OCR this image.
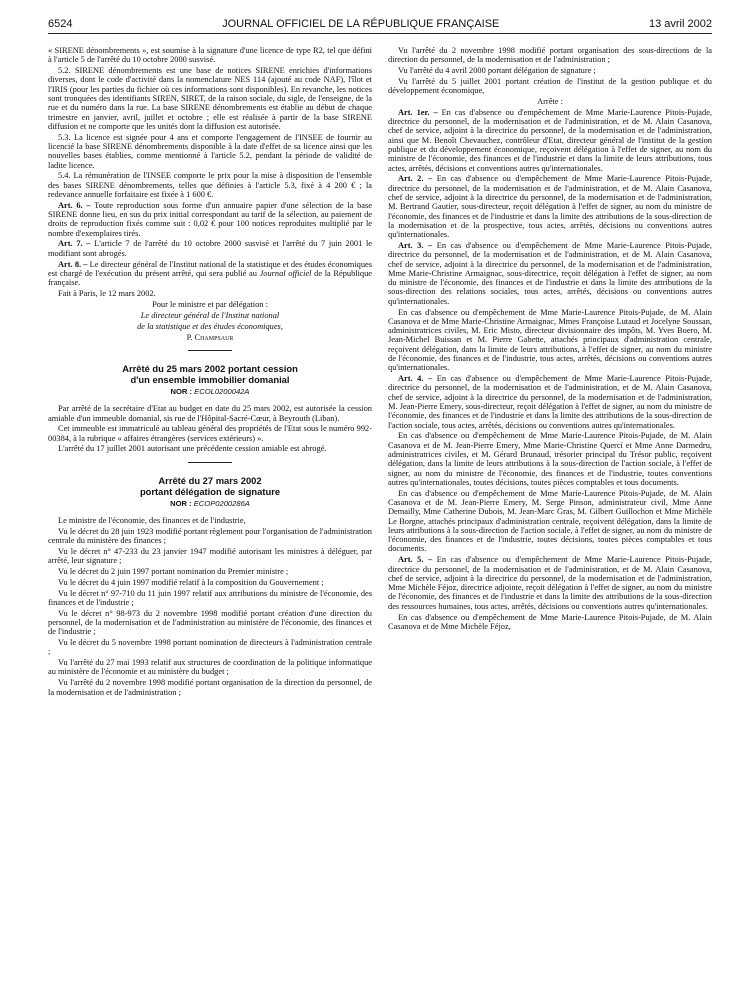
6524	JOURNAL OFFICIEL DE LA RÉPUBLIQUE FRANÇAISE	13 avril 2002

« SIRENE dénombrements », est soumise à la signature d'une licence de type R2, tel que défini à l'article 5 de l'arrêté du 10 octobre 2000 susvisé.

5.2. SIRENE dénombrements est une base de notices SIRENE enrichies d'informations diverses, dont le code d'activité dans la nomenclature NES 114 (ajouté au code NAF), l'îlot et l'IRIS (pour les parties du fichier où ces informations sont disponibles). En revanche, les notices sont tronquées des identifiants SIREN, SIRET, de la raison sociale, du sigle, de l'enseigne, de la rue et du numéro dans la rue. La base SIRENE dénombrements est établie au début de chaque trimestre en janvier, avril, juillet et octobre ; elle est réalisée à partir de la base SIRENE diffusion et ne comporte que les unités dont la diffusion est autorisée.

5.3. La licence est signée pour 4 ans et comporte l'engagement de l'INSEE de fournir au licencié la base SIRENE dénombrements disponible à la date d'effet de sa licence ainsi que les nouvelles bases établies, comme mentionné à l'article 5.2, pendant la période de validité de ladite licence.

5.4. La rémunération de l'INSEE comporte le prix pour la mise à disposition de l'ensemble des bases SIRENE dénombrements, telles que définies à l'article 5.3, fixé à 4 200 € ; la redevance annuelle forfaitaire est fixée à 1 600 €.

Art. 6. – Toute reproduction sous forme d'un annuaire papier d'une sélection de la base SIRENE donne lieu, en sus du prix initial correspondant au tarif de la sélection, au paiement de droits de reproduction fixés comme suit : 0,02 € pour 100 notices reproduites multiplié par le nombre d'exemplaires tirés.

Art. 7. – L'article 7 de l'arrêté du 10 octobre 2000 susvisé et l'arrêté du 7 juin 2001 le modifiant sont abrogés.

Art. 8. – Le directeur général de l'Institut national de la statistique et des études économiques est chargé de l'exécution du présent arrêté, qui sera publié au Journal officiel de la République française.

Fait à Paris, le 12 mars 2002.

Pour le ministre et par délégation :

Le directeur général de l'Institut national

de la statistique et des études économiques,

P. Champsaur

Arrêté du 25 mars 2002 portant cession
d'un ensemble immobilier domanial
NOR : ECOL0200042A

Par arrêté de la secrétaire d'Etat au budget en date du 25 mars 2002, est autorisée la cession amiable d'un immeuble domanial, sis rue de l'Hôpital-Sacré-Cœur, à Beyrouth (Liban).

Cet immeuble est immatriculé au tableau général des propriétés de l'Etat sous le numéro 992-00384, à la rubrique « affaires étrangères (services extérieurs) ».

L'arrêté du 17 juillet 2001 autorisant une précédente cession amiable est abrogé.

Arrêté du 27 mars 2002
portant délégation de signature
NOR : ECOP0200286A

Le ministre de l'économie, des finances et de l'industrie,

Vu le décret du 28 juin 1923 modifié portant règlement pour l'organisation de l'administration centrale du ministère des finances ;

Vu le décret n° 47-233 du 23 janvier 1947 modifié autorisant les ministres à déléguer, par arrêté, leur signature ;

Vu le décret du 2 juin 1997 portant nomination du Premier ministre ;

Vu le décret du 4 juin 1997 modifié relatif à la composition du Gouvernement ;

Vu le décret n° 97-710 du 11 juin 1997 relatif aux attributions du ministre de l'économie, des finances et de l'industrie ;

Vu le décret n° 98-973 du 2 novembre 1998 modifié portant création d'une direction du personnel, de la modernisation et de l'administration au ministère de l'économie, des finances et de l'industrie ;

Vu le décret du 5 novembre 1998 portant nomination de directeurs à l'administration centrale ;

Vu l'arrêté du 27 mai 1993 relatif aux structures de coordination de la politique informatique au ministère de l'économie et au ministère du budget ;

Vu l'arrêté du 2 novembre 1998 modifié portant organisation de la direction du personnel, de la modernisation et de l'administration ;

Vu l'arrêté du 2 novembre 1998 modifié portant organisation des sous-directions de la direction du personnel, de la modernisation et de l'administration ;

Vu l'arrêté du 4 avril 2000 portant délégation de signature ;

Vu l'arrêté du 5 juillet 2001 portant création de l'institut de la gestion publique et du développement économique,

Arrête :

Art. 1er. – En cas d'absence ou d'empêchement de Mme Marie-Laurence Pitois-Pujade, directrice du personnel, de la modernisation et de l'administration, et de M. Alain Casanova, chef de service, adjoint à la directrice du personnel, de la modernisation et de l'administration, ainsi que M. Benoît Chevauchez, contrôleur d'Etat, directeur général de l'institut de la gestion publique et du développement économique, reçoivent délégation à l'effet de signer, au nom du ministre de l'économie, des finances et de l'industrie et dans la limite de leurs attributions, tous actes, arrêtés, décisions et conventions autres qu'internationales.

Art. 2. – En cas d'absence ou d'empêchement de Mme Marie-Laurence Pitois-Pujade, directrice du personnel, de la modernisation et de l'administration, et de M. Alain Casanova, chef de service, adjoint à la directrice du personnel, de la modernisation et de l'administration, M. Bertrand Gautier, sous-directeur, reçoit délégation à l'effet de signer, au nom du ministre de l'économie, des finances et de l'industrie et dans la limite des attributions de la sous-direction de la modernisation et de la prospective, tous actes, arrêtés, décisions ou conventions autres qu'internationales.

Art. 3. – En cas d'absence ou d'empêchement de Mme Marie-Laurence Pitois-Pujade, directrice du personnel, de la modernisation et de l'administration, et de M. Alain Casanova, chef de service, adjoint à la directrice du personnel, de la modernisation et de l'administration, Mme Marie-Christine Armaignac, sous-directrice, reçoit délégation à l'effet de signer, au nom du ministre de l'économie, des finances et de l'industrie et dans la limite des attributions de la sous-direction des relations sociales, tous actes, arrêtés, décisions ou conventions autres qu'internationales.

En cas d'absence ou d'empêchement de Mme Marie-Laurence Pitois-Pujade, de M. Alain Casanova et de Mme Marie-Christine Armaignac, Mmes Françoise Lutaud et Jocelyne Soussan, administratrices civiles, M. Eric Misto, directeur divisionnaire des impôts, M. Yves Boero, M. Jean-Michel Buissan et M. Pierre Gabette, attachés principaux d'administration centrale, reçoivent délégation, dans la limite de leurs attributions, à l'effet de signer, au nom du ministre de l'économie, des finances et de l'industrie, tous actes, arrêtés, décisions ou conventions autres qu'internationales.

Art. 4. – En cas d'absence ou d'empêchement de Mme Marie-Laurence Pitois-Pujade, directrice du personnel, de la modernisation et de l'administration, et de M. Alain Casanova, chef de service, adjoint à la directrice du personnel, de la modernisation et de l'administration, M. Jean-Pierre Emery, sous-directeur, reçoit délégation à l'effet de signer, au nom du ministre de l'économie, des finances et de l'industrie et dans la limite des attributions de la sous-direction de l'action sociale, tous actes, arrêtés, décisions ou conventions autres qu'internationales.

En cas d'absence ou d'empêchement de Mme Marie-Laurence Pitois-Pujade, de M. Alain Casanova et de M. Jean-Pierre Emery, Mme Marie-Christine Quercí et Mme Anne Darmedru, administratrices civiles, et M. Gérard Brunaud, trésorier principal du Trésor public, reçoivent délégation, dans la limite de leurs attributions à la sous-direction de l'action sociale, à l'effet de signer, au nom du ministre de l'économie, des finances et de l'industrie, toutes conventions autres qu'internationales, toutes décisions, toutes pièces comptables et tous documents.

En cas d'absence ou d'empêchement de Mme Marie-Laurence Pitois-Pujade, de M. Alain Casanova et de M. Jean-Pierre Emery, M. Serge Pinson, administrateur civil, Mme Anne Demailly, Mme Catherine Dubois, M. Jean-Marc Gras, M. Gilbert Guillochon et Mme Michèle Le Borgne, attachés principaux d'administration centrale, reçoivent délégation, dans la limite de leurs attributions à la sous-direction de l'action sociale, à l'effet de signer, au nom du ministre de l'économie, des finances et de l'industrie, toutes décisions, toutes pièces comptables et tous documents.

Art. 5. – En cas d'absence ou d'empêchement de Mme Marie-Laurence Pitois-Pujade, directrice du personnel, de la modernisation et de l'administration, et de M. Alain Casanova, chef de service, adjoint à la directrice du personnel, de la modernisation et de l'administration, Mme Michèle Féjoz, directrice adjointe, reçoit délégation à l'effet de signer, au nom du ministre de l'économie, des finances et de l'industrie et dans la limite des attributions de la sous-direction des ressources humaines, tous actes, arrêtés, décisions ou conventions autres qu'internationales.

En cas d'absence ou d'empêchement de Mme Marie-Laurence Pitois-Pujade, de M. Alain Casanova et de Mme Michèle Féjoz,
